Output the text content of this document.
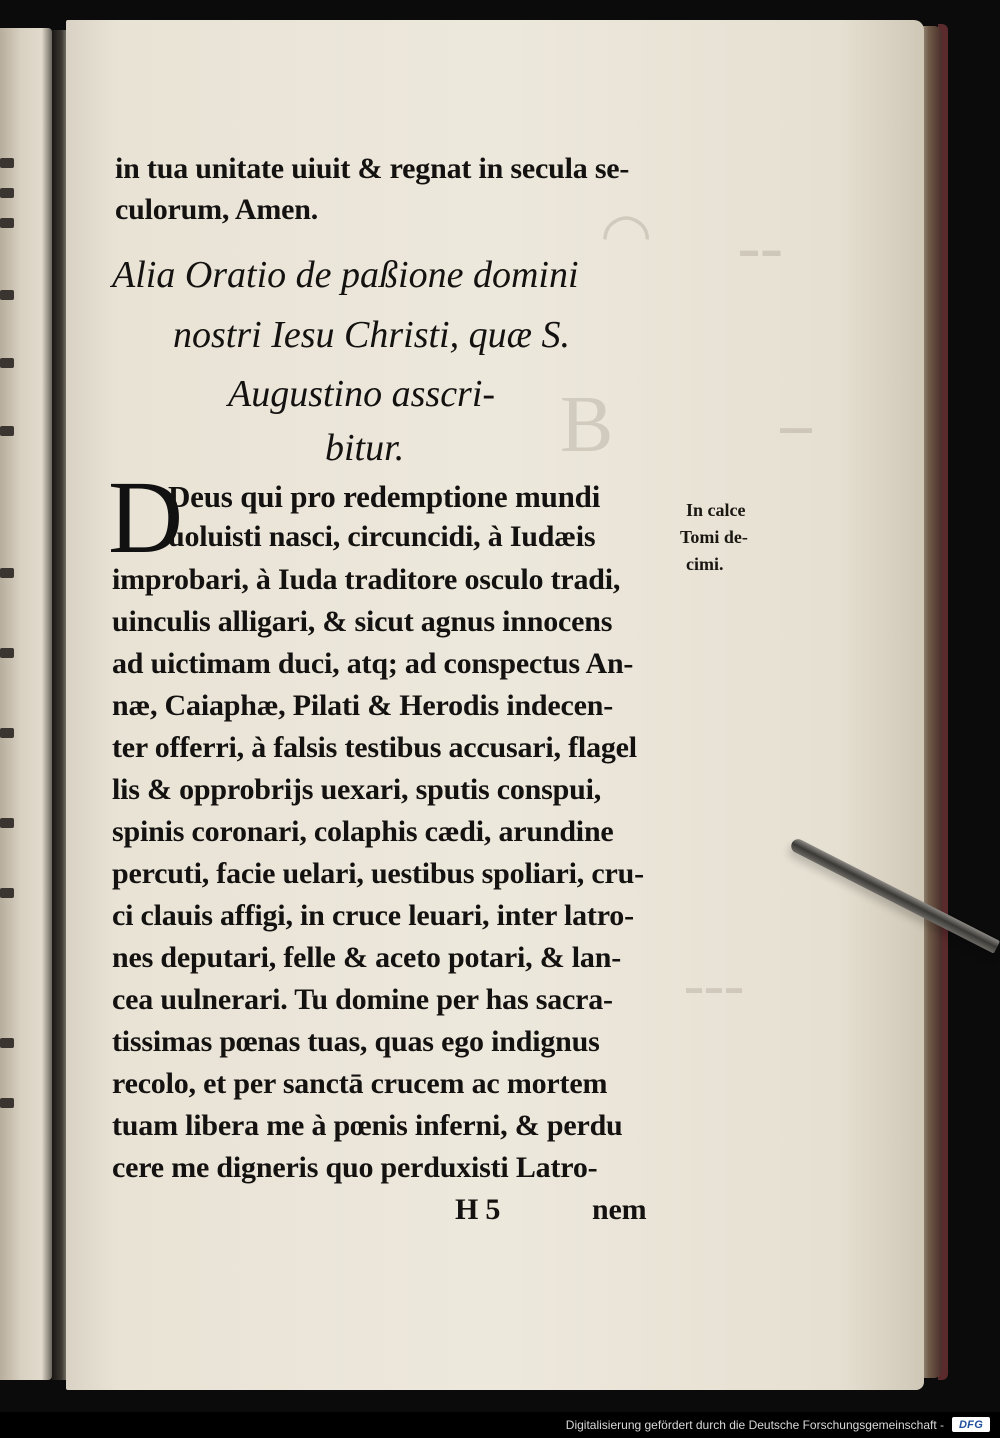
◠
B
▬ ▬
▬▬
▬ ▬ ▬
in tua unitate uiuit & regnat in secula se-
culorum, Amen.
Alia Oratio de paßione domini
nostri Iesu Christi, quæ S.
Augustino asscri-
bitur.
D
Deus qui pro redemptione mundi
uoluisti nasci, circuncidi, à Iudæis
improbari, à Iuda traditore osculo tradi,
uinculis alligari, & sicut agnus innocens
ad uictimam duci, atq; ad conspectus An-
næ, Caiaphæ, Pilati & Herodis indecen-
ter offerri, à falsis testibus accusari, flagel
lis & opprobrijs uexari, sputis conspui,
spinis coronari, colaphis cædi, arundine
percuti, facie uelari, uestibus spoliari, cru-
ci clauis affigi, in cruce leuari, inter latro-
nes deputari, felle & aceto potari, & lan-
cea uulnerari. Tu domine per has sacra-
tissimas pœnas tuas, quas ego indignus
recolo, et per sanctā crucem ac mortem
tuam libera me à pœnis inferni, & perdu
cere me digneris quo perduxisti Latro-
H 5	nem
In calce
Tomi de-
cimi.
Digitalisierung gefördert durch die Deutsche Forschungsgemeinschaft - DFG
